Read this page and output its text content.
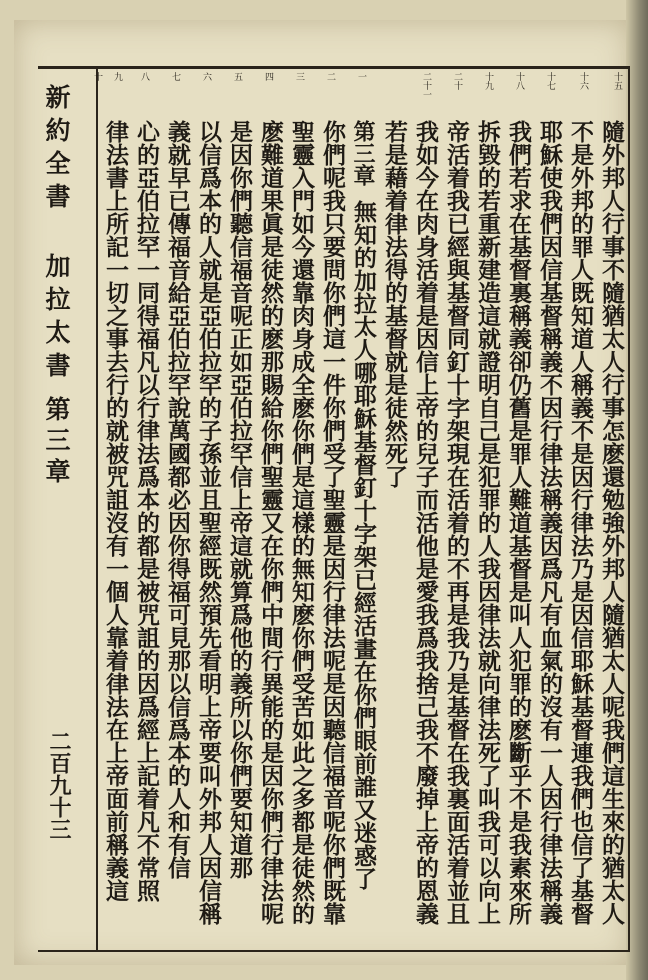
新約全書 加拉太書
第三章
二百九十三
十五
十六
十七
十八
十九
二十
二十一
一
二
三
四
五
六
七
八
九
十
隨外邦人行事不隨猶太人行事怎麽還勉強外邦人隨猶太人呢我們這生來的猶太人
不是外邦的罪人既知道人稱義不是因行律法乃是因信耶穌基督連我們也信了基督
耶穌使我們因信基督稱義不因行律法稱義因爲凡有血氣的沒有一人因行律法稱義
我們若求在基督裏稱義卻仍舊是罪人難道基督是叫人犯罪的麽斷乎不是我素來所
拆毀的若重新建造這就證明自己是犯罪的人我因律法就向律法死了叫我可以向上
帝活着我已經與基督同釘十字架現在活着的不再是我乃是基督在我裏面活着並且
我如今在肉身活着是因信上帝的兒子而活他是愛我爲我捨己我不廢掉上帝的恩義
若是藉着律法得的基督就是徒然死了
第三章
無知的加拉太人哪耶穌基督釘十字架已經活畫在你們眼前誰又迷惑了
你們呢我只要問你們這一件你們受了聖靈是因行律法呢是因聽信福音呢你們既靠
聖靈入門如今還靠肉身成全麽你們是這樣的無知麽你們受苦如此之多都是徒然的
麽難道果眞是徒然的麽那賜給你們聖靈又在你們中間行異能的是因你們行律法呢
是因你們聽信福音呢正如亞伯拉罕信上帝這就算爲他的義所以你們要知道那
以信爲本的人就是亞伯拉罕的子孫並且聖經既然預先看明上帝要叫外邦人因信稱
義就早已傳福音給亞伯拉罕說萬國都必因你得福可見那以信爲本的人和有信
心的亞伯拉罕一同得福凡以行律法爲本的都是被咒詛的因爲經上記着凡不常照
律法書上所記一切之事去行的就被咒詛沒有一個人靠着律法在上帝面前稱義這
